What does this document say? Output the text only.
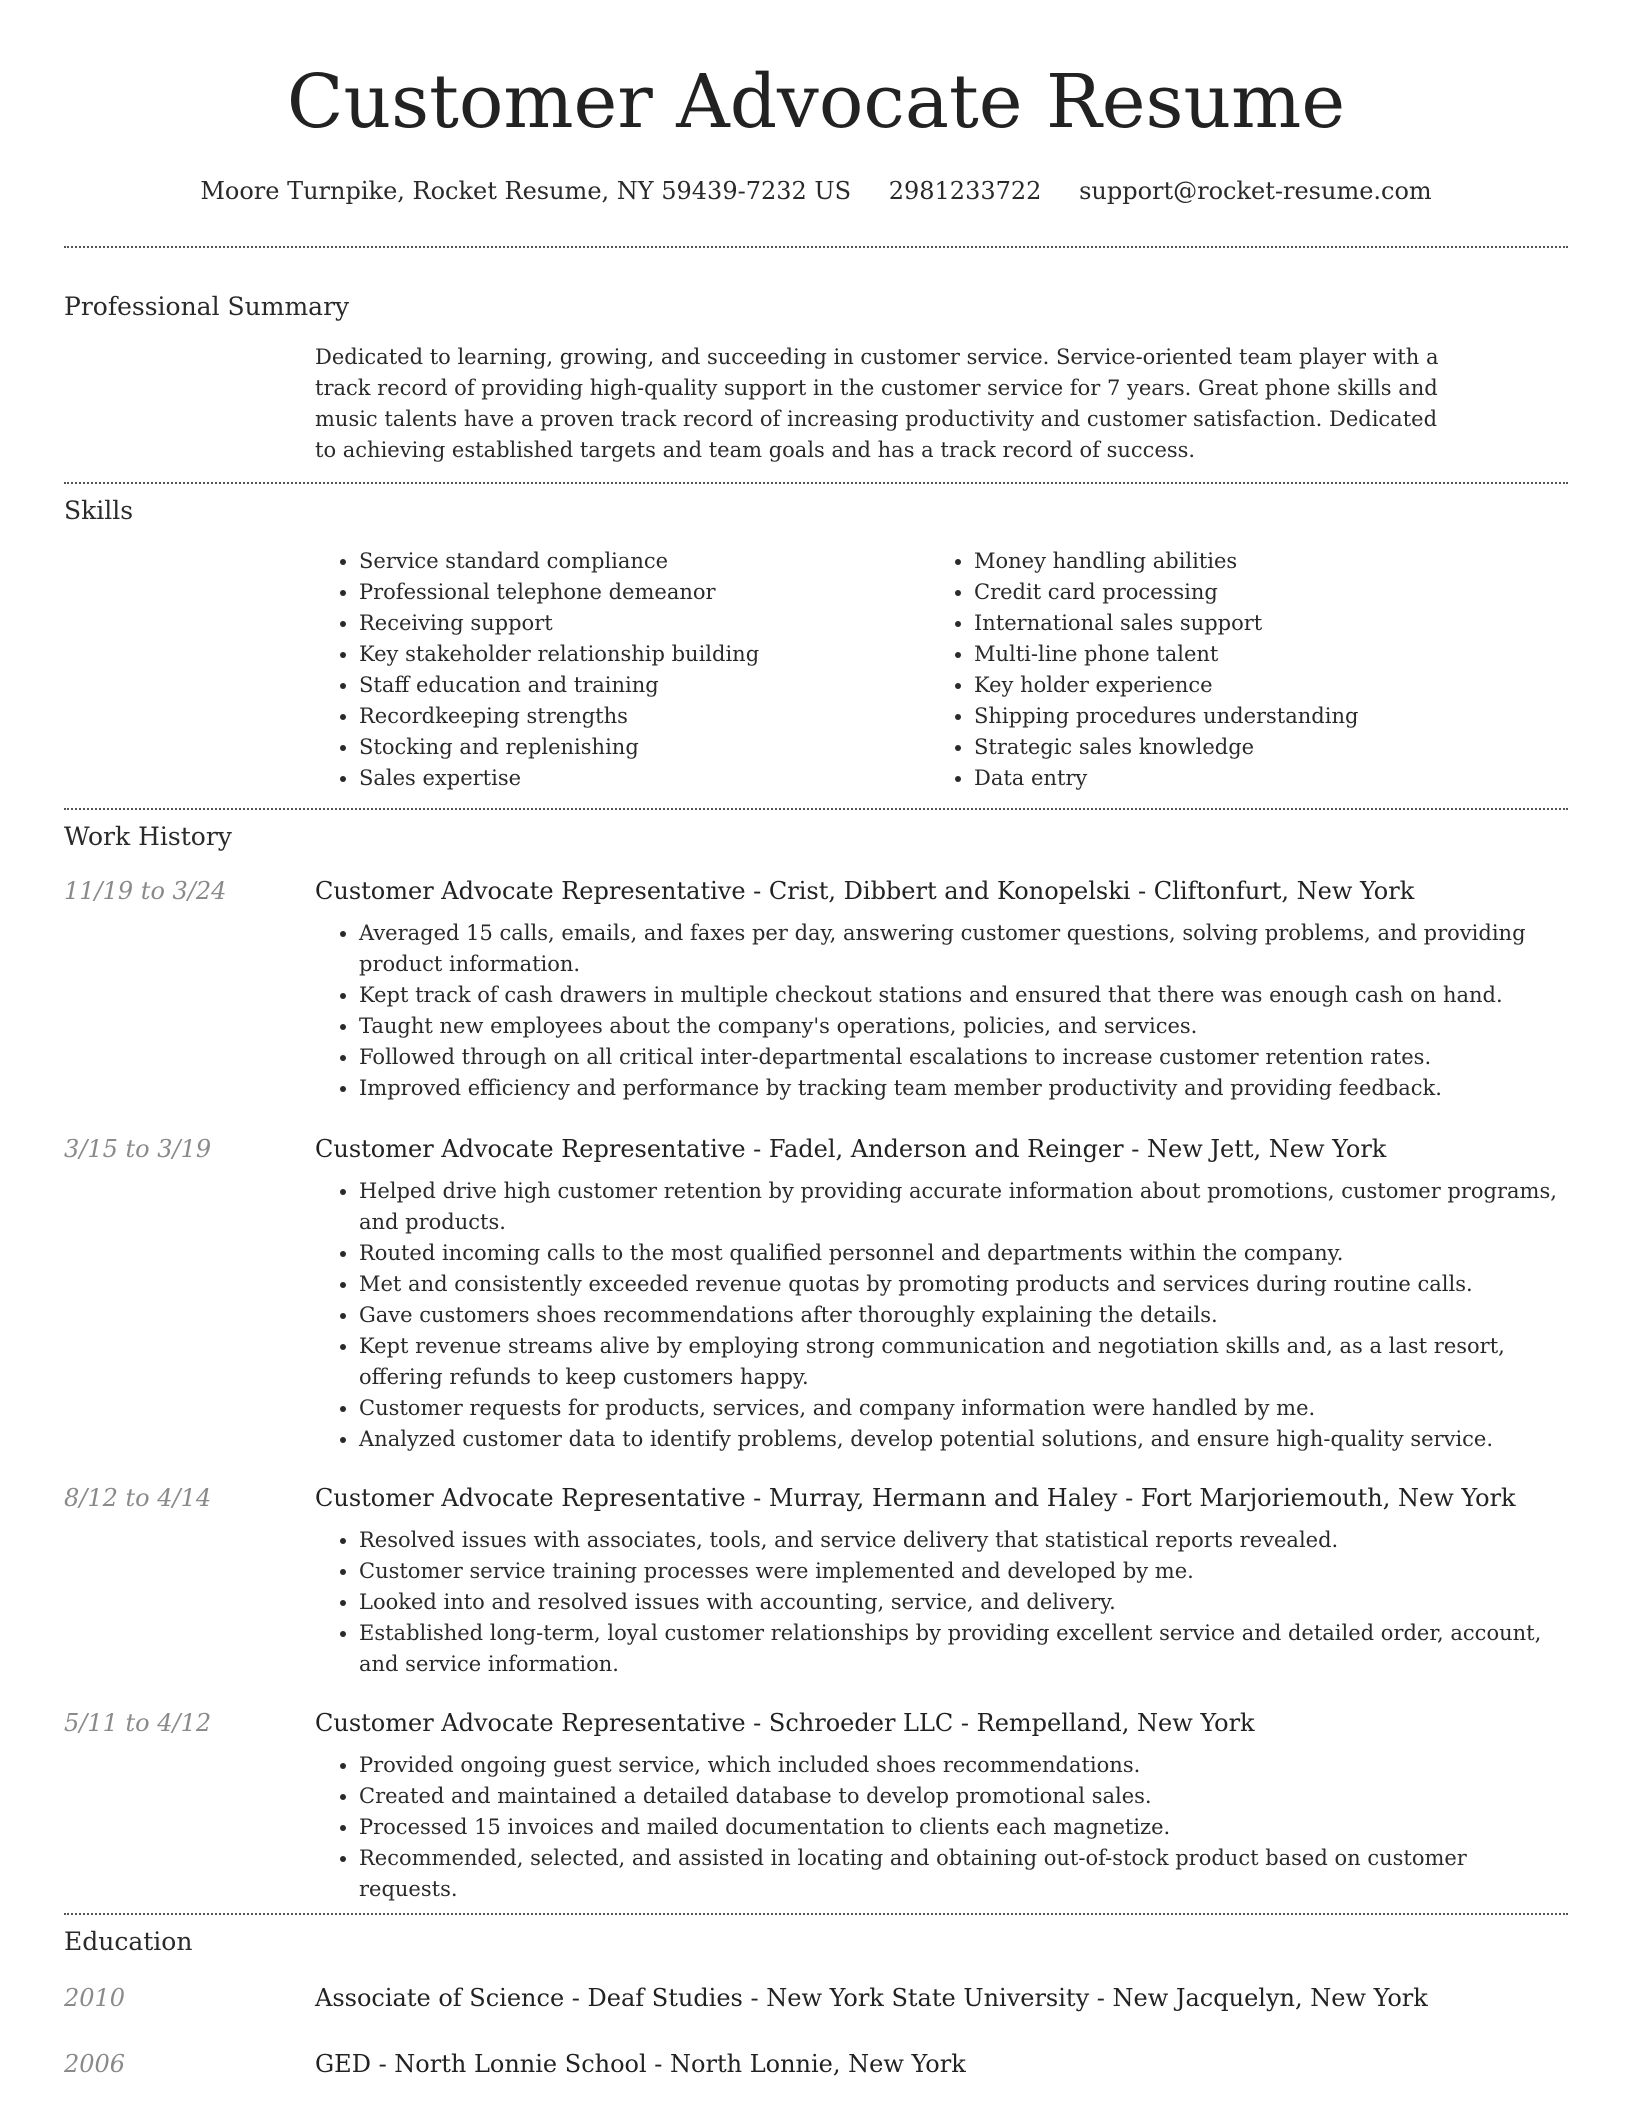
Customer Advocate Resume
Moore Turnpike, Rocket Resume, NY 59439-7232 US 2981233722 support@rocket-resume.com
Professional Summary
Dedicated to learning, growing, and succeeding in customer service. Service-oriented team player with a track record of providing high-quality support in the customer service for 7 years. Great phone skills and music talents have a proven track record of increasing productivity and customer satisfaction. Dedicated to achieving established targets and team goals and has a track record of success.
Skills
• Service standard compliance
• Professional telephone demeanor
• Receiving support
• Key stakeholder relationship building
• Staff education and training
• Recordkeeping strengths
• Stocking and replenishing
• Sales expertise
• Money handling abilities
• Credit card processing
• International sales support
• Multi-line phone talent
• Key holder experience
• Shipping procedures understanding
• Strategic sales knowledge
• Data entry
Work History
11/19 to 3/24	Customer Advocate Representative - Crist, Dibbert and Konopelski - Cliftonfurt, New York
• Averaged 15 calls, emails, and faxes per day, answering customer questions, solving problems, and providing product information.
• Kept track of cash drawers in multiple checkout stations and ensured that there was enough cash on hand.
• Taught new employees about the company's operations, policies, and services.
• Followed through on all critical inter-departmental escalations to increase customer retention rates.
• Improved efficiency and performance by tracking team member productivity and providing feedback.
3/15 to 3/19	Customer Advocate Representative - Fadel, Anderson and Reinger - New Jett, New York
• Helped drive high customer retention by providing accurate information about promotions, customer programs, and products.
• Routed incoming calls to the most qualified personnel and departments within the company.
• Met and consistently exceeded revenue quotas by promoting products and services during routine calls.
• Gave customers shoes recommendations after thoroughly explaining the details.
• Kept revenue streams alive by employing strong communication and negotiation skills and, as a last resort, offering refunds to keep customers happy.
• Customer requests for products, services, and company information were handled by me.
• Analyzed customer data to identify problems, develop potential solutions, and ensure high-quality service.
8/12 to 4/14	Customer Advocate Representative - Murray, Hermann and Haley - Fort Marjoriemouth, New York
• Resolved issues with associates, tools, and service delivery that statistical reports revealed.
• Customer service training processes were implemented and developed by me.
• Looked into and resolved issues with accounting, service, and delivery.
• Established long-term, loyal customer relationships by providing excellent service and detailed order, account, and service information.
5/11 to 4/12	Customer Advocate Representative - Schroeder LLC - Rempelland, New York
• Provided ongoing guest service, which included shoes recommendations.
• Created and maintained a detailed database to develop promotional sales.
• Processed 15 invoices and mailed documentation to clients each magnetize.
• Recommended, selected, and assisted in locating and obtaining out-of-stock product based on customer requests.
Education
2010	Associate of Science - Deaf Studies - New York State University - New Jacquelyn, New York
2006	GED - North Lonnie School - North Lonnie, New York
